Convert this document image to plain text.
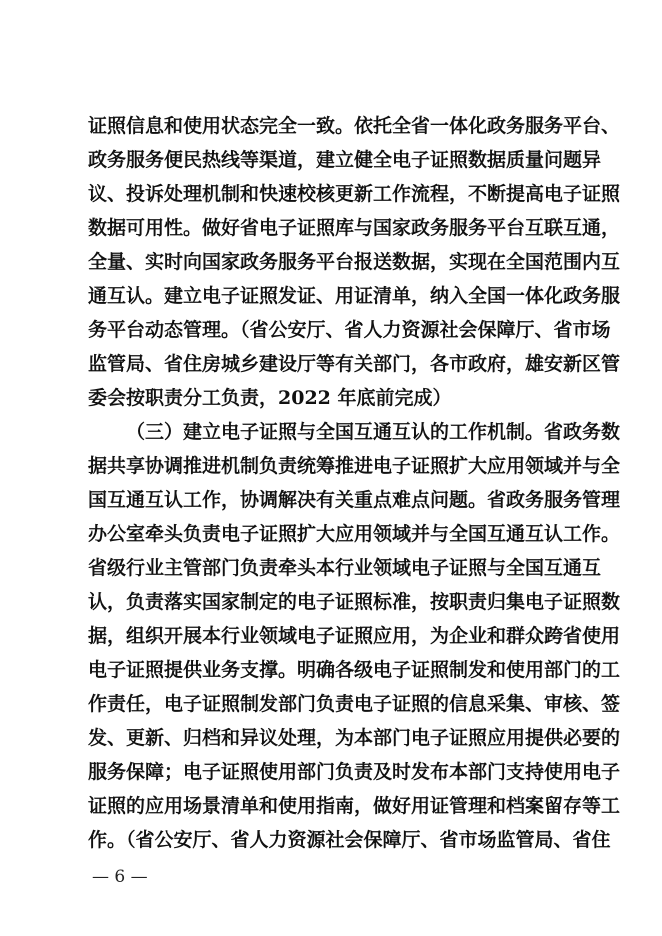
证照信息和使用状态完全一致。依托全省一体化政务服务平台、
政务服务便民热线等渠道，建立健全电子证照数据质量问题异
议、投诉处理机制和快速校核更新工作流程，不断提高电子证照
数据可用性。做好省电子证照库与国家政务服务平台互联互通，
全量、实时向国家政务服务平台报送数据，实现在全国范围内互
通互认。建立电子证照发证、用证清单，纳入全国一体化政务服
务平台动态管理。（省公安厅、省人力资源社会保障厅、省市场
监管局、省住房城乡建设厅等有关部门，各市政府，雄安新区管
委会按职责分工负责，2022 年底前完成）
（三）建立电子证照与全国互通互认的工作机制。省政务数
据共享协调推进机制负责统筹推进电子证照扩大应用领域并与全
国互通互认工作，协调解决有关重点难点问题。省政务服务管理
办公室牵头负责电子证照扩大应用领域并与全国互通互认工作。
省级行业主管部门负责牵头本行业领域电子证照与全国互通互
认，负责落实国家制定的电子证照标准，按职责归集电子证照数
据，组织开展本行业领域电子证照应用，为企业和群众跨省使用
电子证照提供业务支撑。明确各级电子证照制发和使用部门的工
作责任，电子证照制发部门负责电子证照的信息采集、审核、签
发、更新、归档和异议处理，为本部门电子证照应用提供必要的
服务保障；电子证照使用部门负责及时发布本部门支持使用电子
证照的应用场景清单和使用指南，做好用证管理和档案留存等工
作。（省公安厅、省人力资源社会保障厅、省市场监管局、省住
— 6 —
